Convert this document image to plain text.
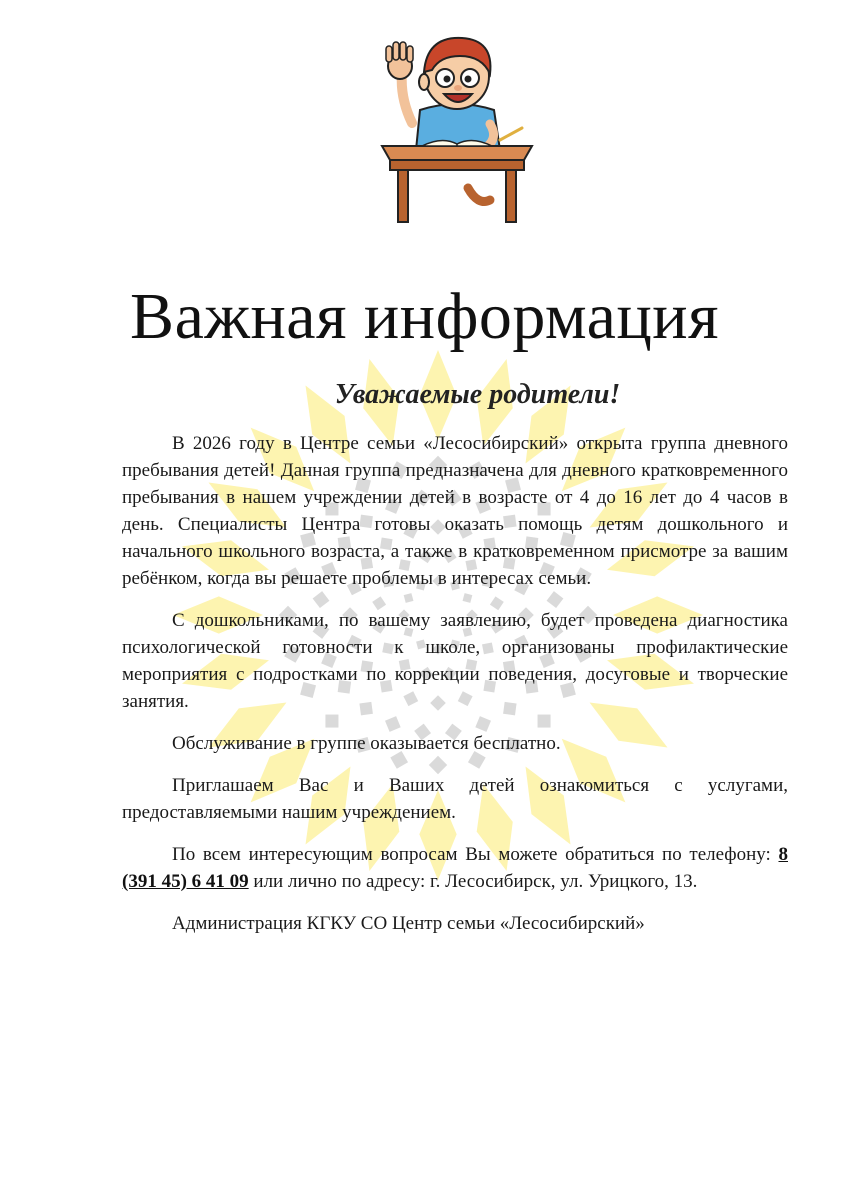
Важная информация
Уважаемые родители!

В 2026 году в Центре семьи «Лесосибирский» открыта группа дневного пребывания детей! Данная группа предназначена для дневного кратковременного пребывания в нашем учреждении детей в возрасте от 4 до 16 лет до 4 часов в день. Специалисты Центра готовы оказать помощь детям дошкольного и начального школьного возраста, а также в кратковременном присмотре за вашим ребёнком, когда вы решаете проблемы в интересах семьи.

С дошкольниками, по вашему заявлению, будет проведена диагностика психологической готовности к школе, организованы профилактические мероприятия с подростками по коррекции поведения, досуговые и творческие занятия.

Обслуживание в группе оказывается бесплатно.

Приглашаем Вас и Ваших детей ознакомиться с услугами, предоставляемыми нашим учреждением.

По всем интересующим вопросам Вы можете обратиться по телефону: 8 (391 45) 6 41 09 или лично по адресу: г. Лесосибирск, ул. Урицкого, 13.

Администрация КГКУ СО Центр семьи «Лесосибирский»
